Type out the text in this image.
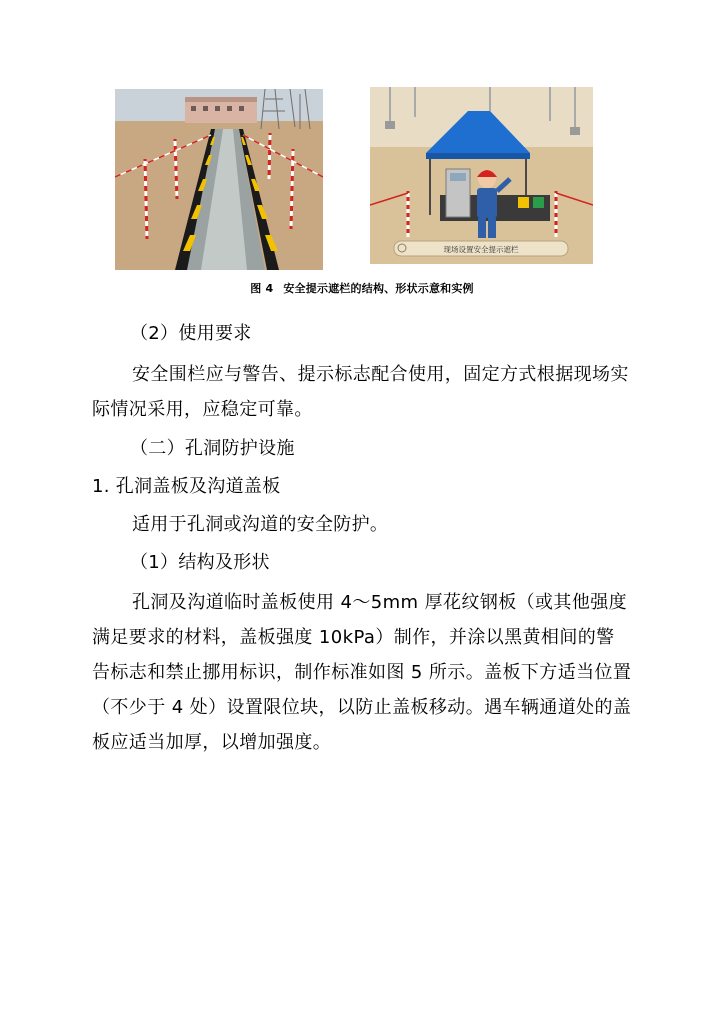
现场设置安全提示遮栏
图 4 安全提示遮栏的结构、形状示意和实例
（2）使用要求
安全围栏应与警告、提示标志配合使用，固定方式根据现场实际情况采用，应稳定可靠。
（二）孔洞防护设施
1. 孔洞盖板及沟道盖板
适用于孔洞或沟道的安全防护。
（1）结构及形状
孔洞及沟道临时盖板使用 4～5mm 厚花纹钢板（或其他强度满足要求的材料，盖板强度 10kPa）制作，并涂以黑黄相间的警告标志和禁止挪用标识，制作标准如图 5 所示。盖板下方适当位置（不少于 4 处）设置限位块，以防止盖板移动。遇车辆通道处的盖板应适当加厚，以增加强度。
